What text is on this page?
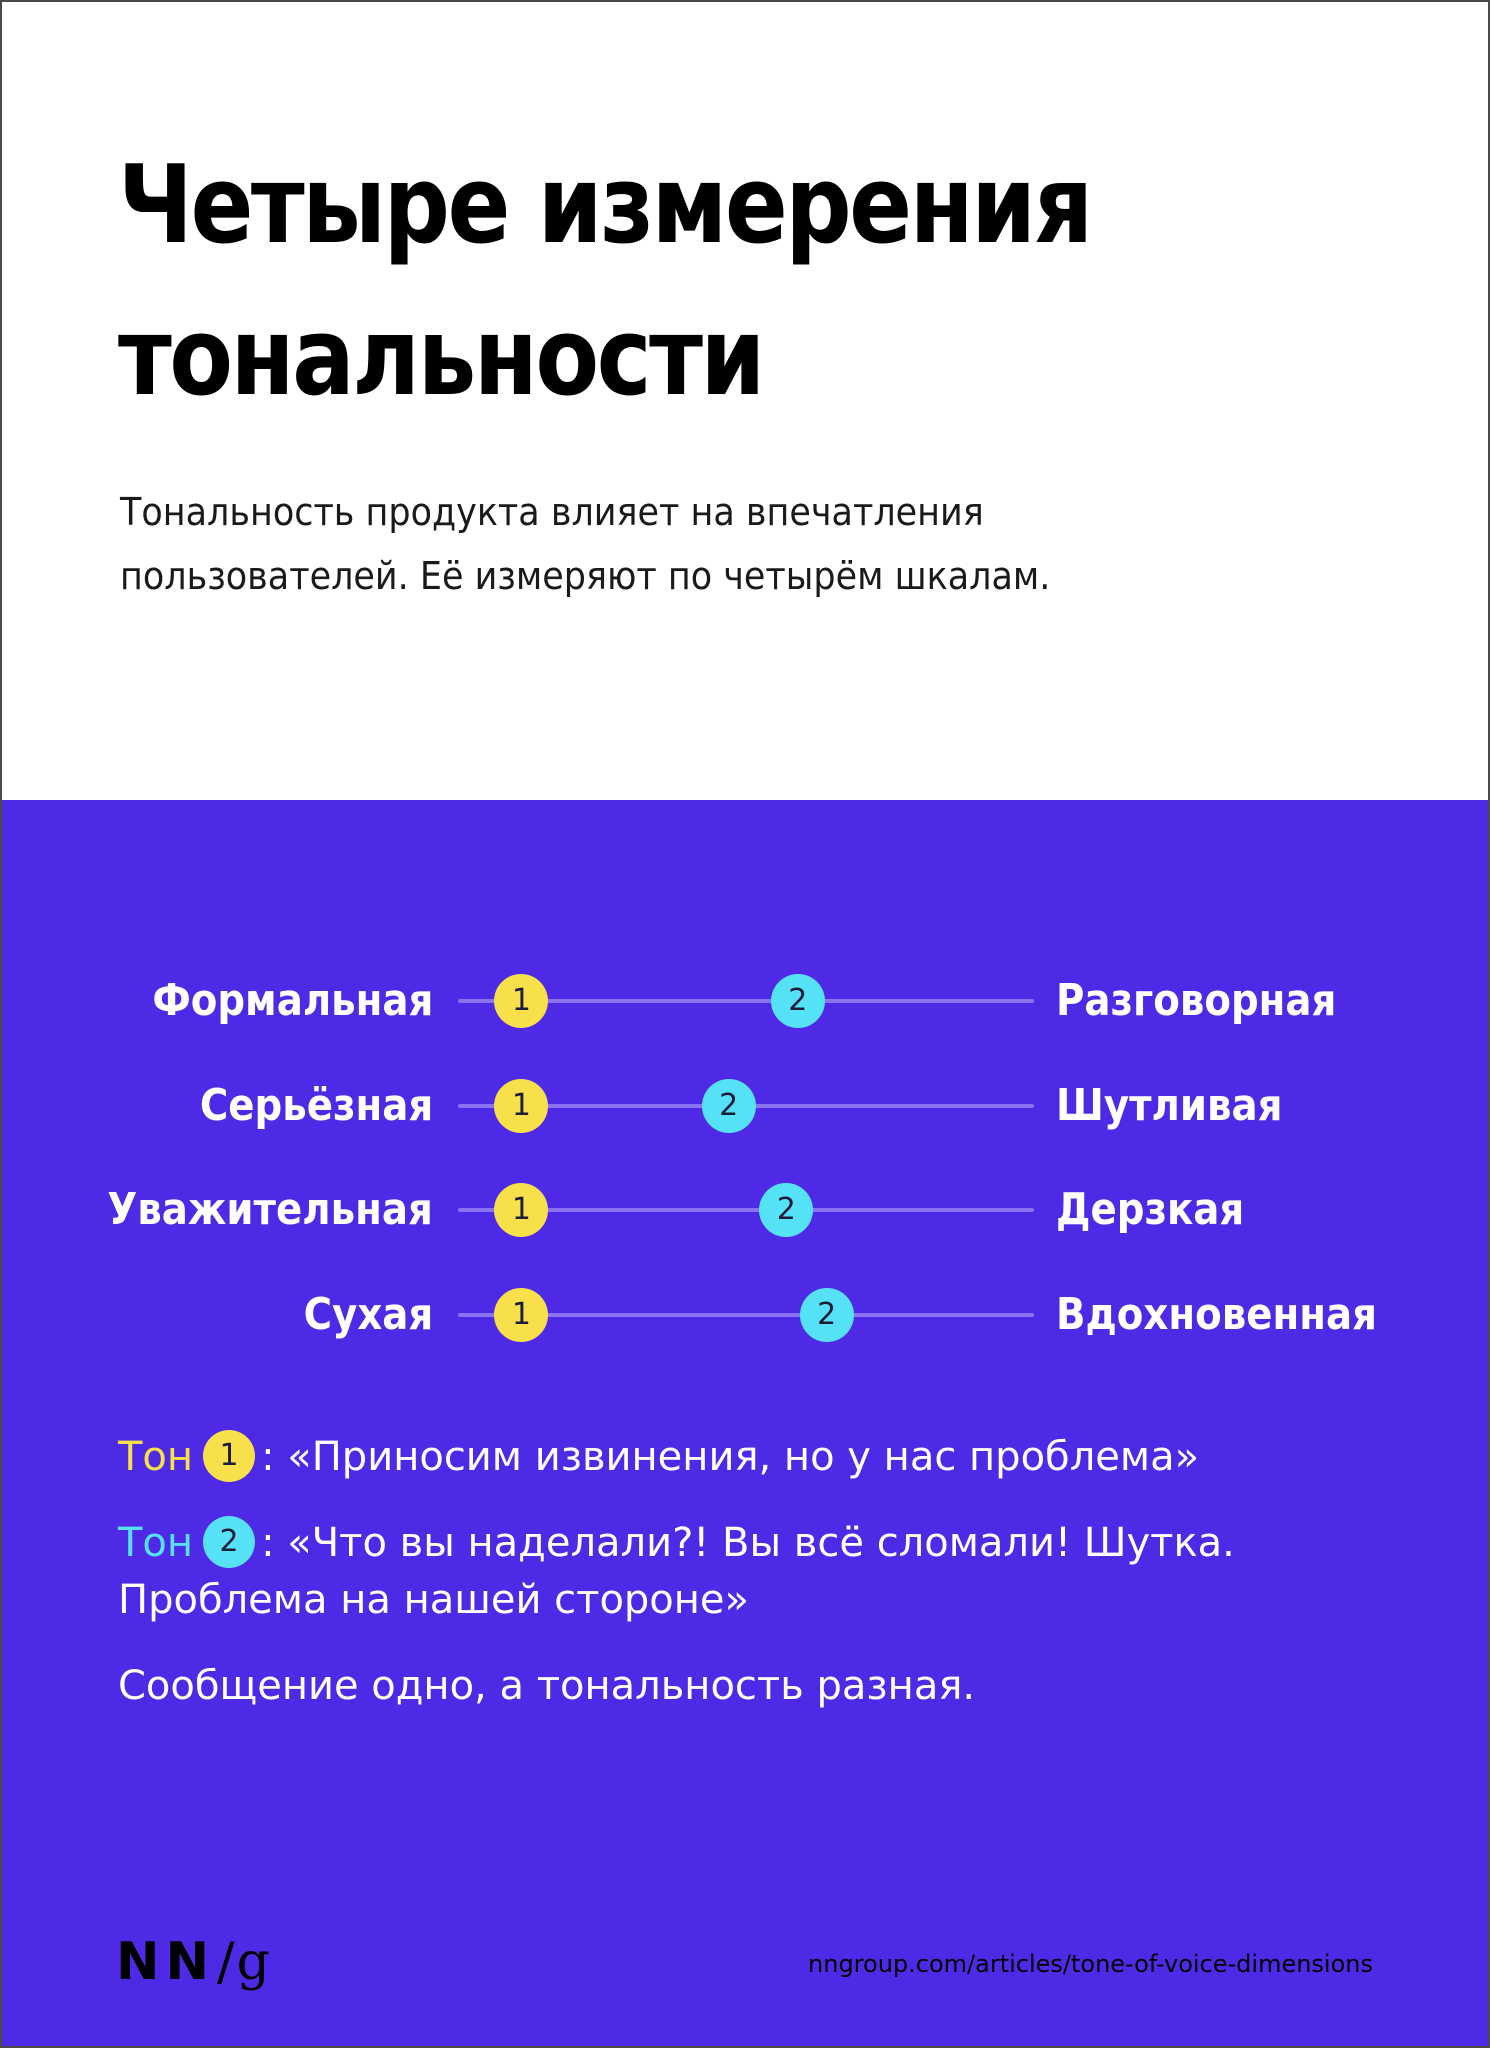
Четыре измерения
тональности

Тональность продукта влияет на впечатления
пользователей. Её измеряют по четырём шкалам.

Формальная	1	2	Разговорная
Серьёзная	1	2	Шутливая
Уважительная	1	2	Дерзкая
Сухая	1	2	Вдохновенная
Тон 1 : «Приносим извинения, но у нас проблема»
Тон 2 : «Что вы наделали?! Вы всё сломали! Шутка.
Проблема на нашей стороне»
Сообщение одно, а тональность разная.
NN/g	nngroup.com/articles/tone-of-voice-dimensions
